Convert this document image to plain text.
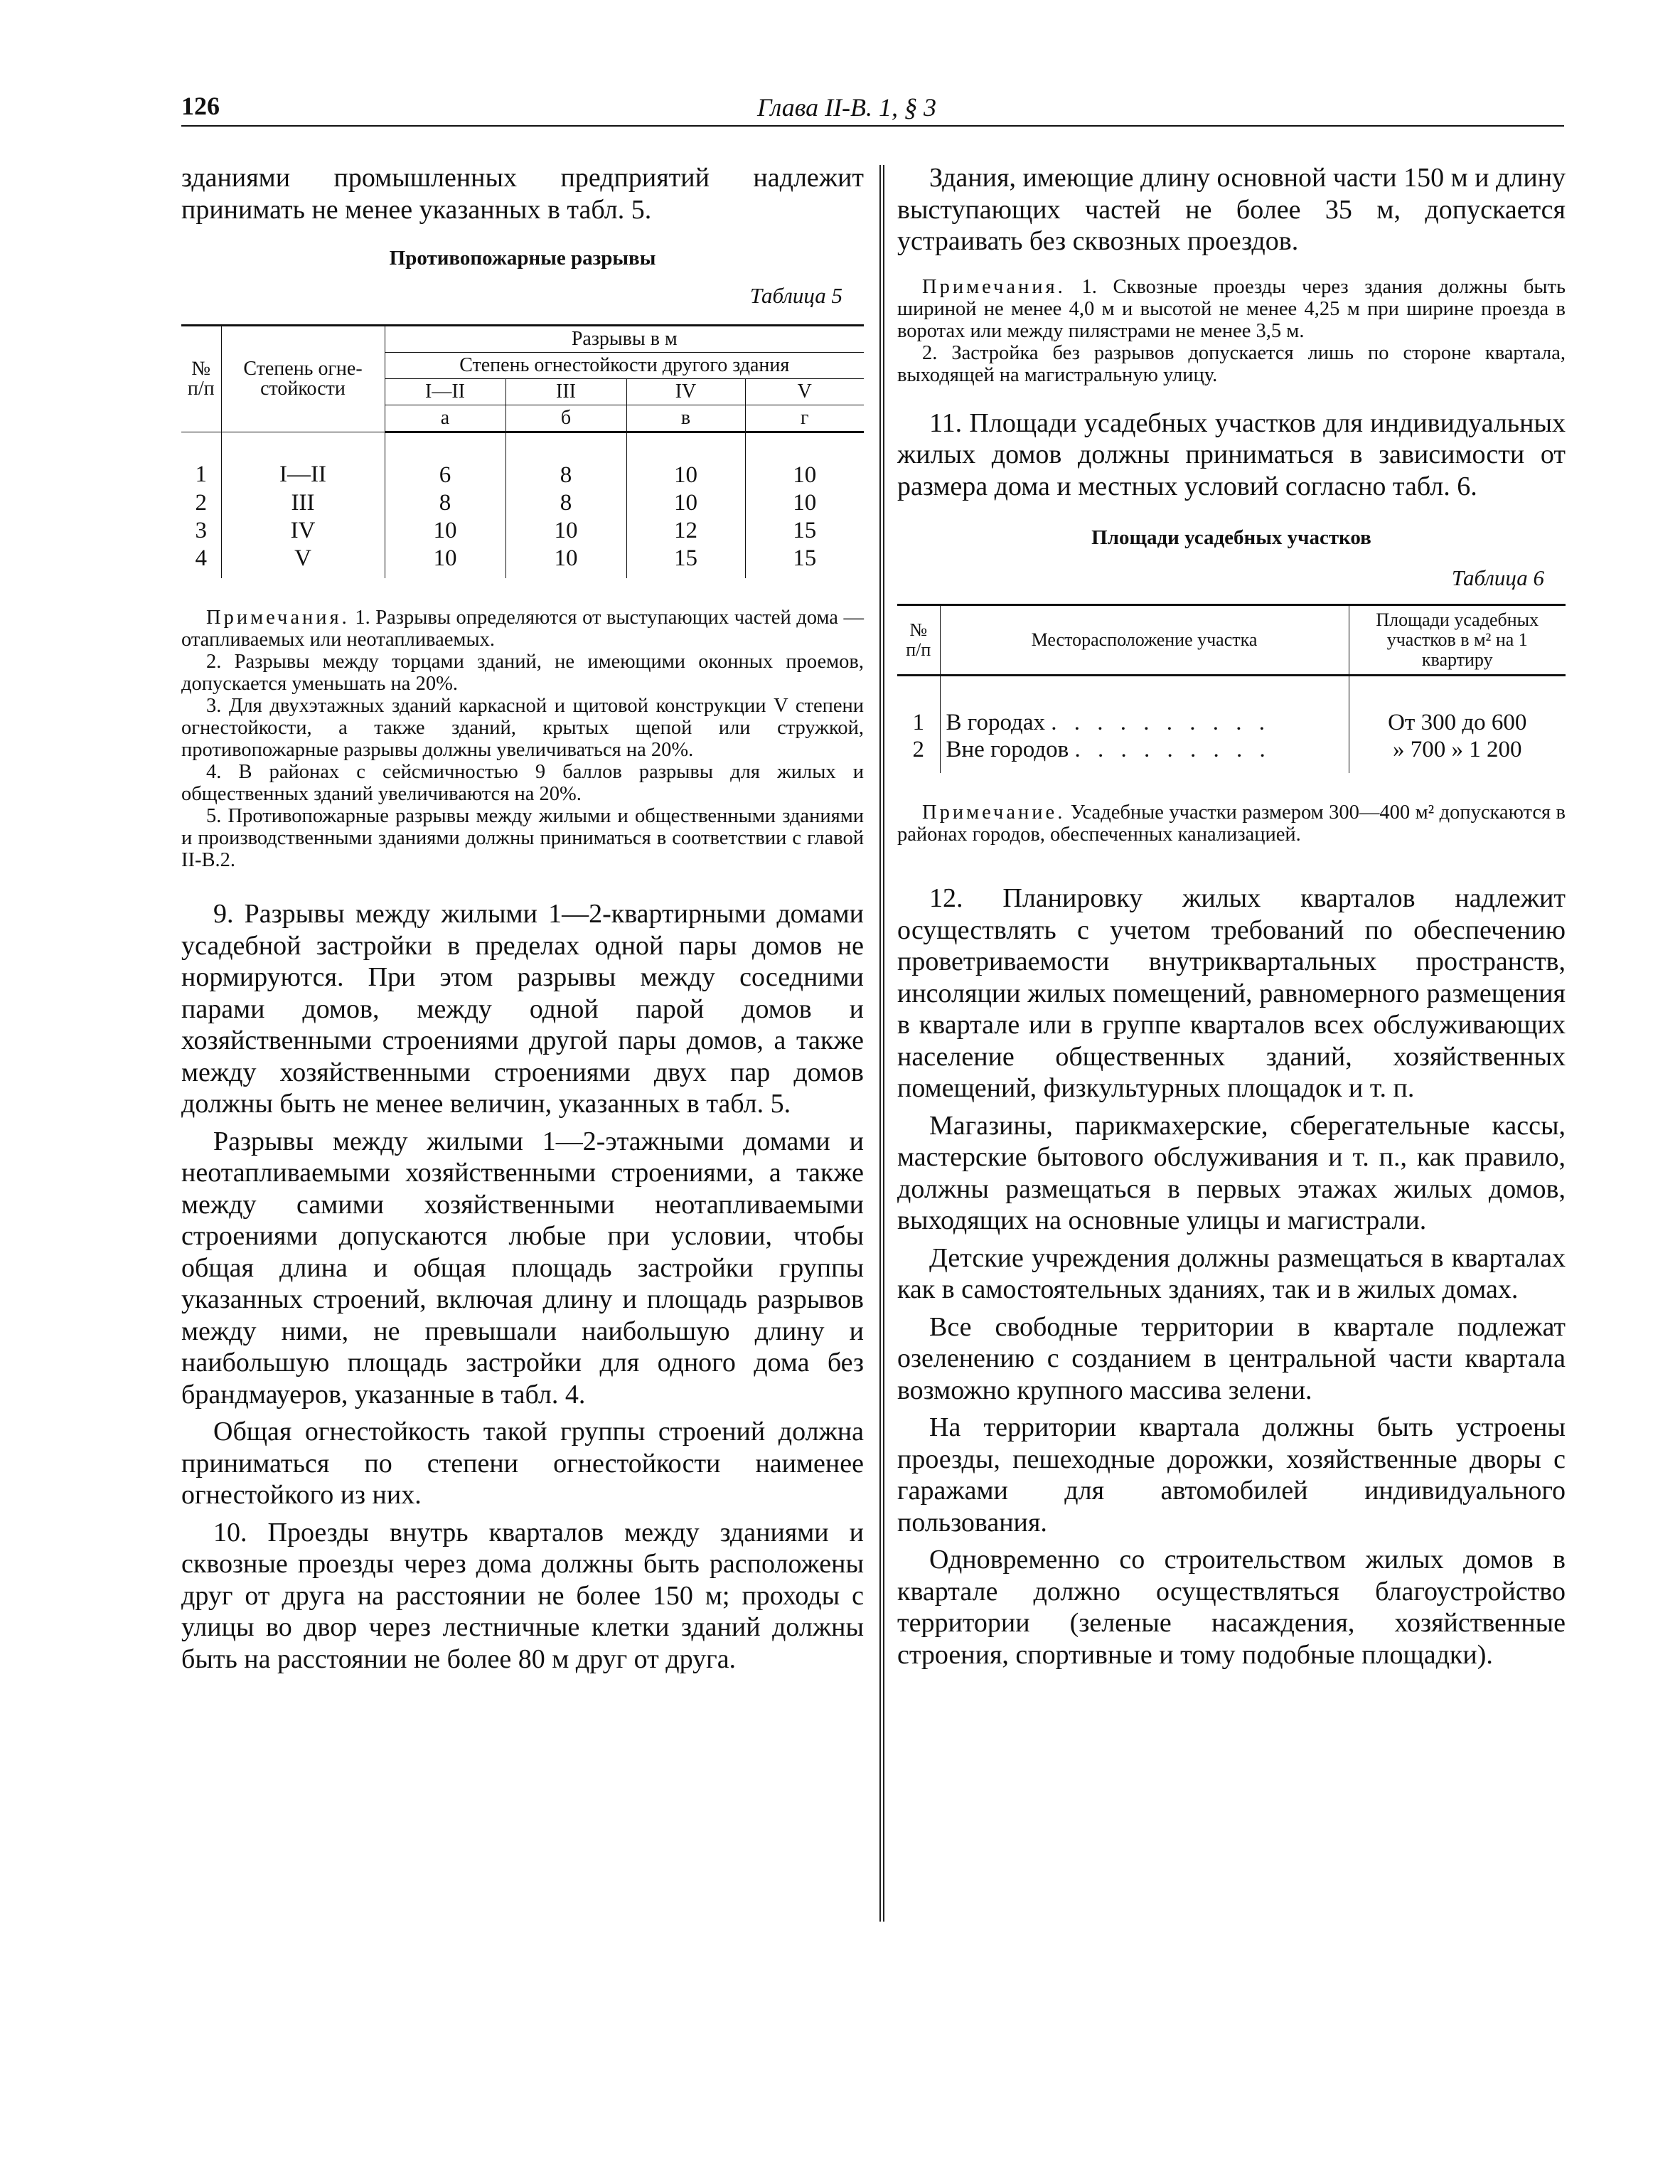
126	Глава II-В. 1, § 3

зданиями промышленных предприятий надлежит принимать не менее указанных в табл. 5.

Противопожарные разрывы

Таблица 5

№ п/п	Степень огне-стойкости	Разрывы в м			
		Степень огнестойкости другого здания			
		I—II	III	IV	V
		а	б	в	г
1	I—II	6	8	10	10
2	III	8	8	10	10
3	IV	10	10	12	15
4	V	10	10	15	15

Примечания. 1. Разрывы определяются от выступающих частей дома — отапливаемых или неотапливаемых.

2. Разрывы между торцами зданий, не имеющими оконных проемов, допускается уменьшать на 20%.

3. Для двухэтажных зданий каркасной и щитовой конструкции V степени огнестойкости, а также зданий, крытых щепой или стружкой, противопожарные разрывы должны увеличиваться на 20%.

4. В районах с сейсмичностью 9 баллов разрывы для жилых и общественных зданий увеличиваются на 20%.

5. Противопожарные разрывы между жилыми и общественными зданиями и производственными зданиями должны приниматься в соответствии с главой II-В.2.

9. Разрывы между жилыми 1—2-квартирными домами усадебной застройки в пределах одной пары домов не нормируются. При этом разрывы между соседними парами домов, между одной парой домов и хозяйственными строениями другой пары домов, а также между хозяйственными строениями двух пар домов должны быть не менее величин, указанных в табл. 5.

Разрывы между жилыми 1—2-этажными домами и неотапливаемыми хозяйственными строениями, а также между самими хозяйственными неотапливаемыми строениями допускаются любые при условии, чтобы общая длина и общая площадь застройки группы указанных строений, включая длину и площадь разрывов между ними, не превышали наибольшую длину и наибольшую площадь застройки для одного дома без брандмауеров, указанные в табл. 4.

Общая огнестойкость такой группы строений должна приниматься по степени огнестойкости наименее огнестойкого из них.

10. Проезды внутрь кварталов между зданиями и сквозные проезды через дома должны быть расположены друг от друга на расстоянии не более 150 м; проходы с улицы во двор через лестничные клетки зданий должны быть на расстоянии не более 80 м друг от друга.

Здания, имеющие длину основной части 150 м и длину выступающих частей не более 35 м, допускается устраивать без сквозных проездов.

Примечания. 1. Сквозные проезды через здания должны быть шириной не менее 4,0 м и высотой не менее 4,25 м при ширине проезда в воротах или между пилястрами не менее 3,5 м.

2. Застройка без разрывов допускается лишь по стороне квартала, выходящей на магистральную улицу.

11. Площади усадебных участков для индивидуальных жилых домов должны приниматься в зависимости от размера дома и местных условий согласно табл. 6.

Площади усадебных участков

Таблица 6

№ п/п	Месторасположение участка	Площади усадебных участков в м² на 1 квартиру
1	В городах . . . . . . . . . .	От 300 до 600
2	Вне городов . . . . . . . . .	» 700 » 1 200

Примечание. Усадебные участки размером 300—400 м² допускаются в районах городов, обеспеченных канализацией.

12. Планировку жилых кварталов надлежит осуществлять с учетом требований по обеспечению проветриваемости внутриквартальных пространств, инсоляции жилых помещений, равномерного размещения в квартале или в группе кварталов всех обслуживающих население общественных зданий, хозяйственных помещений, физкультурных площадок и т. п.

Магазины, парикмахерские, сберегательные кассы, мастерские бытового обслуживания и т. п., как правило, должны размещаться в первых этажах жилых домов, выходящих на основные улицы и магистрали.

Детские учреждения должны размещаться в кварталах как в самостоятельных зданиях, так и в жилых домах.

Все свободные территории в квартале подлежат озеленению с созданием в центральной части квартала возможно крупного массива зелени.

На территории квартала должны быть устроены проезды, пешеходные дорожки, хозяйственные дворы с гаражами для автомобилей индивидуального пользования.

Одновременно со строительством жилых домов в квартале должно осуществляться благоустройство территории (зеленые насаждения, хозяйственные строения, спортивные и тому подобные площадки).
